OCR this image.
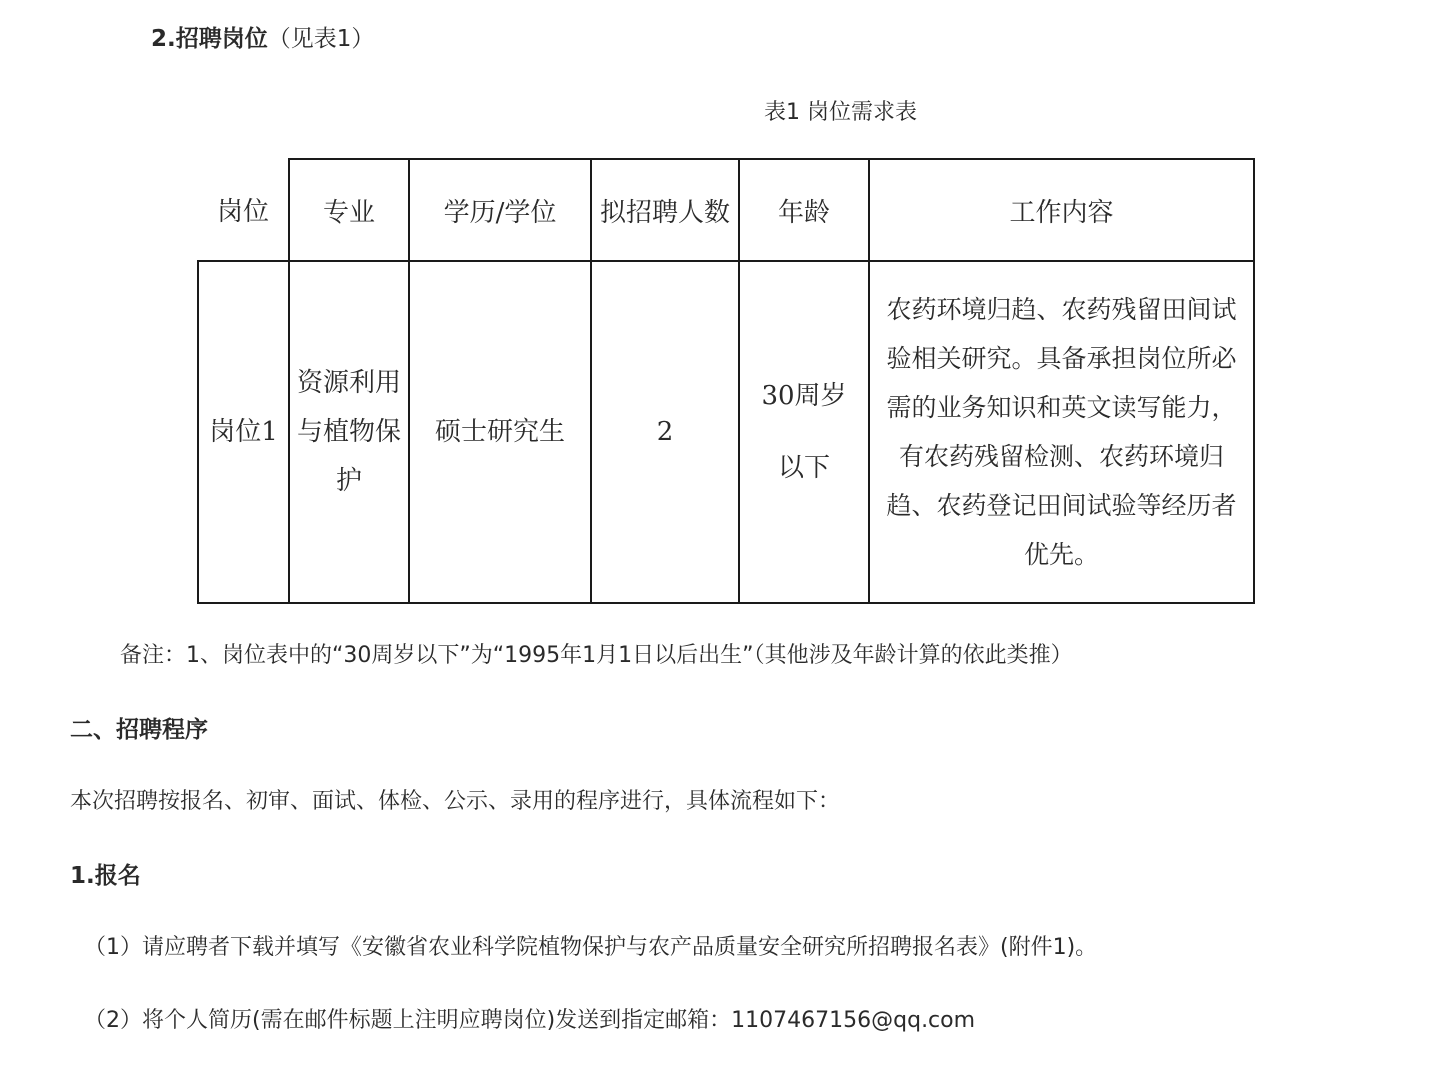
2.招聘岗位（见表1）

表1 岗位需求表

岗位	专业	学历/学位	拟招聘人数	年龄	工作内容
岗位1	资源利用与植物保护	硕士研究生	2	30周岁以下	农药环境归趋、农药残留田间试验相关研究。具备承担岗位所必需的业务知识和英文读写能力，有农药残留检测、农药环境归趋、农药登记田间试验等经历者优先。

备注：1、岗位表中的“30周岁以下”为“1995年1月1日以后出生”（其他涉及年龄计算的依此类推）

二、招聘程序

本次招聘按报名、初审、面试、体检、公示、录用的程序进行，具体流程如下：

1.报名

（1）请应聘者下载并填写《安徽省农业科学院植物保护与农产品质量安全研究所招聘报名表》(附件1)。

（2）将个人简历(需在邮件标题上注明应聘岗位)发送到指定邮箱：1107467156@qq.com
